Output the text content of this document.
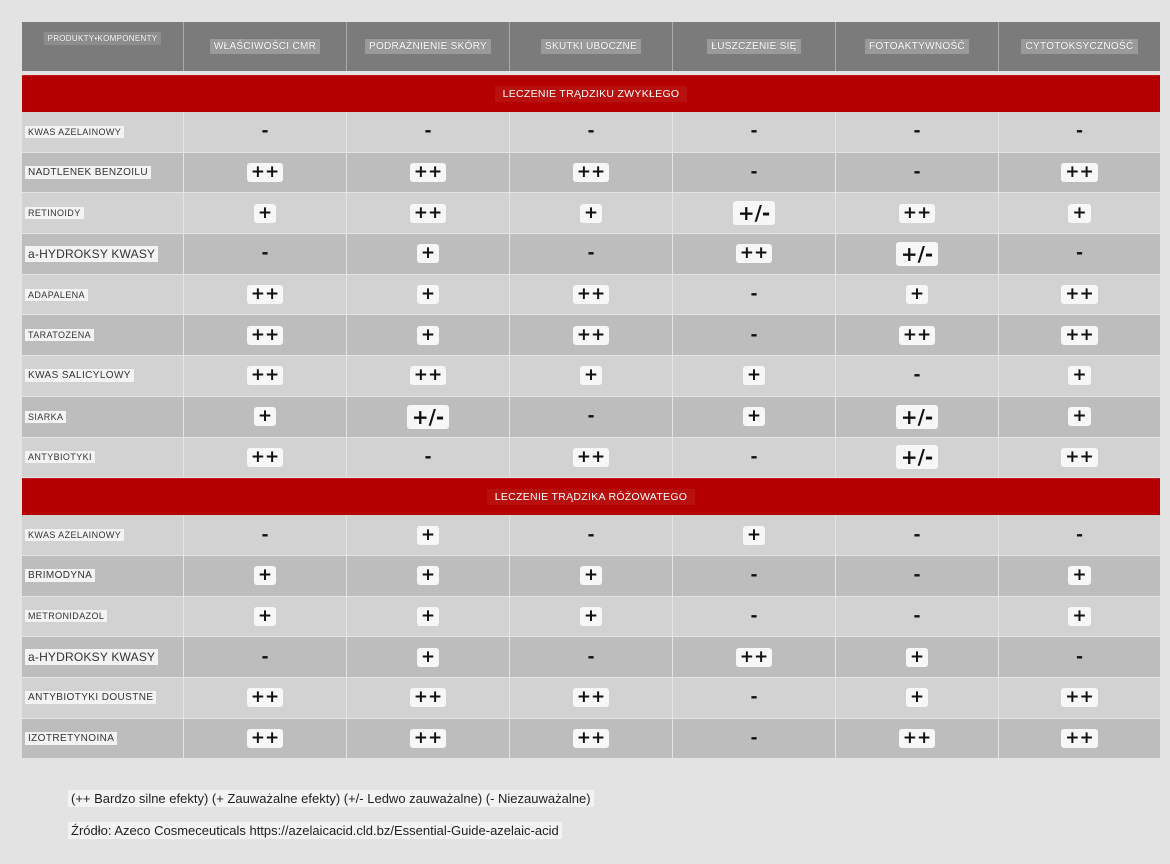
PRODUKTY•KOMPONENTY
WŁAŚCIWOŚCI CMR	PODRAŻNIENIE SKÓRY	SKUTKI UBOCZNE	ŁUSZCZENIE SIĘ	FOTOAKTYWNOŚĆ	CYTOTOKSYCZNOŚĆ
LECZENIE TRĄDZIKU ZWYKŁEGO
KWAS AZELAINOWY	-	-	-	-	-	-
NADTLENEK BENZOILU	++	++	++	-	-	++
RETINOIDY	+	++	+	+/-	++	+
a-HYDROKSY KWASY	-	+	-	++	+/-	-
ADAPALENA	++	+	++	-	+	++
TARATOZENA	++	+	++	-	++	++
KWAS SALICYLOWY	++	++	+	+	-	+
SIARKA	+	+/-	-	+	+/-	+
ANTYBIOTYKI	++	-	++	-	+/-	++
LECZENIE TRĄDZIKA RÓŻOWATEGO
KWAS AZELAINOWY	-	+	-	+	-	-
BRIMODYNA	+	+	+	-	-	+
METRONIDAZOL	+	+	+	-	-	+
a-HYDROKSY KWASY	-	+	-	++	+	-
ANTYBIOTYKI DOUSTNE	++	++	++	-	+	++
IZOTRETYNOINA	++	++	++	-	++	++
(++ Bardzo silne efekty) (+ Zauważalne efekty) (+/- Ledwo zauważalne) (- Niezauważalne)
Źródło: Azeco Cosmeceuticals https://azelaicacid.cld.bz/Essential-Guide-azelaic-acid
